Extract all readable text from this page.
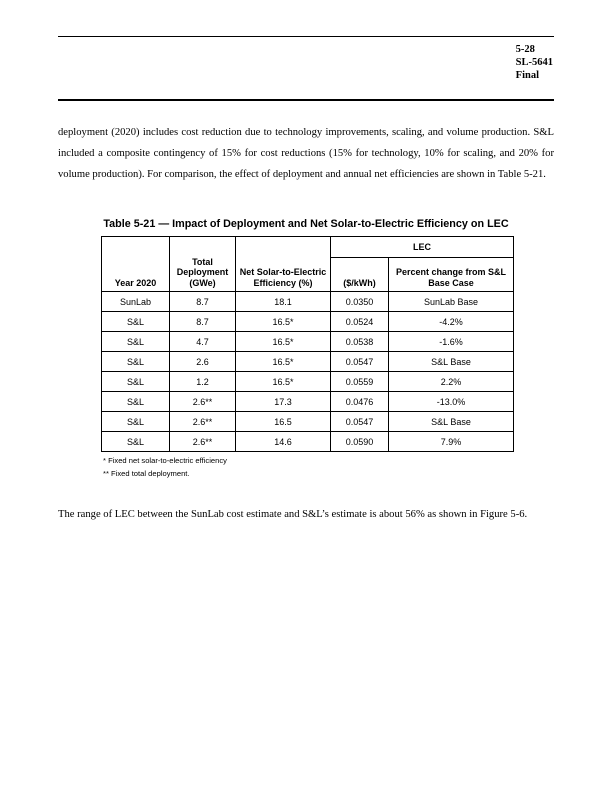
5-28
SL-5641
Final

deployment (2020) includes cost reduction due to technology improvements, scaling, and volume production. S&L included a composite contingency of 15% for cost reductions (15% for technology, 10% for scaling, and 20% for volume production). For comparison, the effect of deployment and annual net efficiencies are shown in Table 5-21.

Table 5-21 — Impact of Deployment and Net Solar-to-Electric Efficiency on LEC
Year 2020	Total Deployment (GWe)	Net Solar-to-Electric Efficiency (%)	LEC	
			($/kWh)	Percent change from S&L Base Case
SunLab	8.7	18.1	0.0350	SunLab Base
S&L	8.7	16.5*	0.0524	-4.2%
S&L	4.7	16.5*	0.0538	-1.6%
S&L	2.6	16.5*	0.0547	S&L Base
S&L	1.2	16.5*	0.0559	2.2%
S&L	2.6**	17.3	0.0476	-13.0%
S&L	2.6**	16.5	0.0547	S&L Base
S&L	2.6**	14.6	0.0590	7.9%
* Fixed net solar-to-electric efficiency
** Fixed total deployment.
The range of LEC between the SunLab cost estimate and S&L’s estimate is about 56% as shown in Figure 5-6.
